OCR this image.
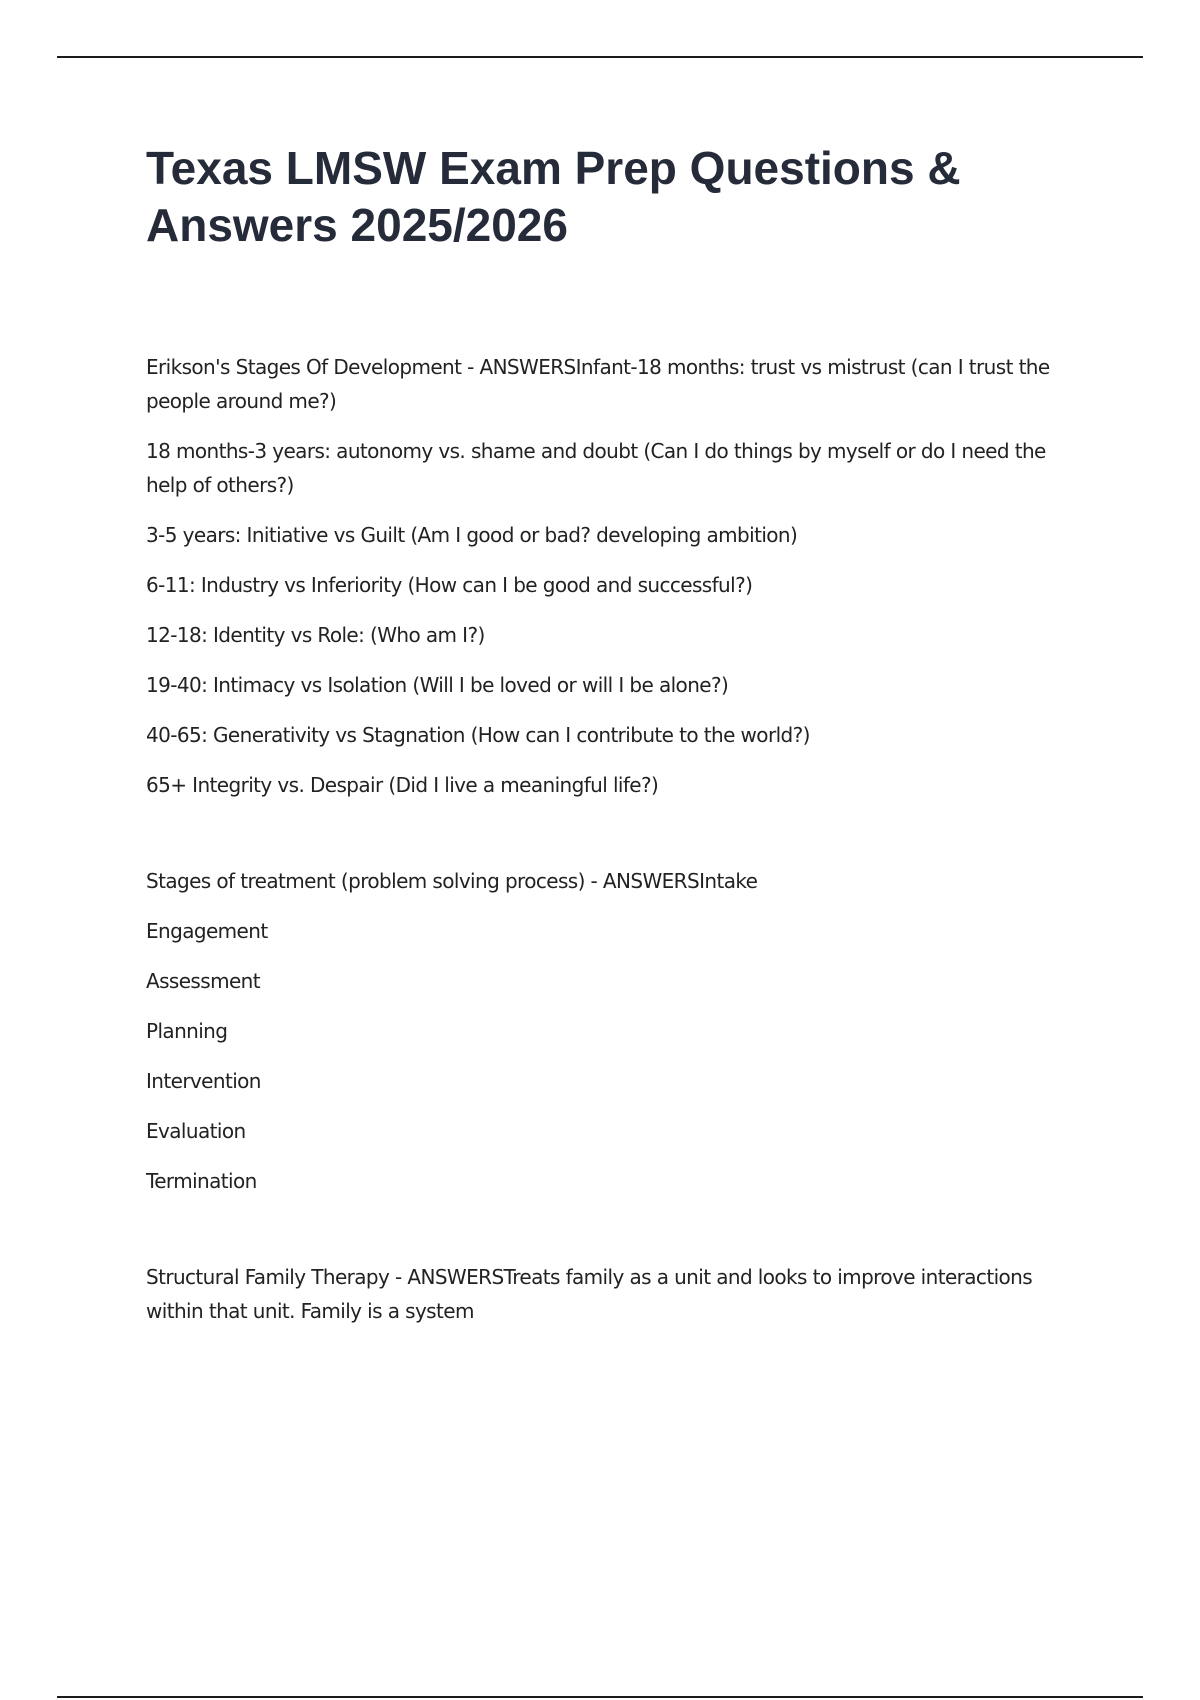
Texas LMSW Exam Prep Questions & Answers 2025/2026

Erikson's Stages Of Development - ANSWERSInfant-18 months: trust vs mistrust (can I trust the people around me?)

18 months-3 years: autonomy vs. shame and doubt (Can I do things by myself or do I need the help of others?)

3-5 years: Initiative vs Guilt (Am I good or bad? developing ambition)

6-11: Industry vs Inferiority (How can I be good and successful?)

12-18: Identity vs Role: (Who am I?)

19-40: Intimacy vs Isolation (Will I be loved or will I be alone?)

40-65: Generativity vs Stagnation (How can I contribute to the world?)

65+ Integrity vs. Despair (Did I live a meaningful life?)

Stages of treatment (problem solving process) - ANSWERSIntake

Engagement

Assessment

Planning

Intervention

Evaluation

Termination

Structural Family Therapy - ANSWERSTreats family as a unit and looks to improve interactions within that unit. Family is a system
